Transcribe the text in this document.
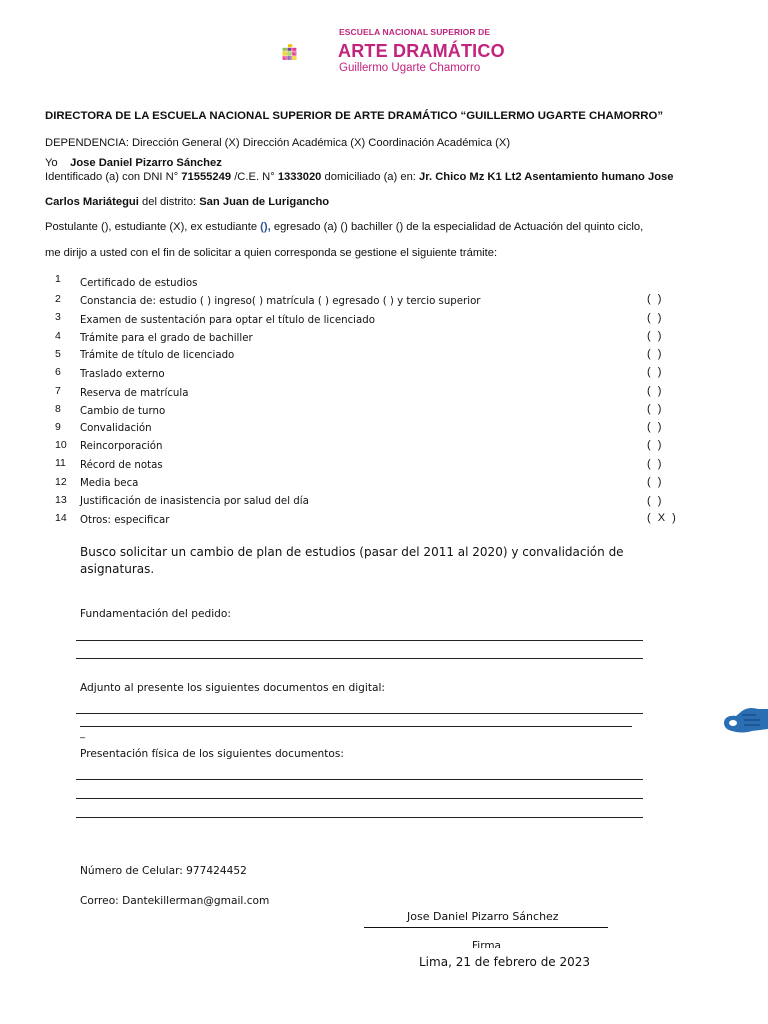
ESCUELA NACIONAL SUPERIOR DE
ARTE DRAMÁTICO
Guillermo Ugarte Chamorro
DIRECTORA DE LA ESCUELA NACIONAL SUPERIOR DE ARTE DRAMÁTICO “GUILLERMO UGARTE CHAMORRO”
DEPENDENCIA: Dirección General (X) Dirección Académica (X) Coordinación Académica (X)
Yo Jose Daniel Pizarro Sánchez
Identificado (a) con DNI N° 71555249 /C.E. N° 1333020 domiciliado (a) en: Jr. Chico Mz K1 Lt2 Asentamiento humano Jose
Carlos Mariátegui del distrito: San Juan de Lurigancho
Postulante (), estudiante (X), ex estudiante (), egresado (a) () bachiller () de la especialidad de Actuación del quinto ciclo,
me dirijo a usted con el fin de solicitar a quien corresponda se gestione el siguiente trámite:
1 Certificado de estudios
2 Constancia de: estudio ( ) ingreso( ) matrícula ( ) egresado ( ) y tercio superior	( )
3 Examen de sustentación para optar el título de licenciado	( )
4 Trámite para el grado de bachiller	( )
5 Trámite de título de licenciado	( )
6 Traslado externo	( )
7 Reserva de matrícula	( )
8 Cambio de turno	( )
9 Convalidación	( )
10 Reincorporación	( )
11 Récord de notas	( )
12 Media beca	( )
13 Justificación de inasistencia por salud del día	( )
14 Otros: especificar	( X )
Busco solicitar un cambio de plan de estudios (pasar del 2011 al 2020) y convalidación de
asignaturas.
Fundamentación del pedido:
Adjunto al presente los siguientes documentos en digital:
_
Presentación física de los siguientes documentos:
Número de Celular: 977424452
Correo: Dantekillerman@gmail.com
Jose Daniel Pizarro Sánchez
Firma
Lima, 21 de febrero de 2023
